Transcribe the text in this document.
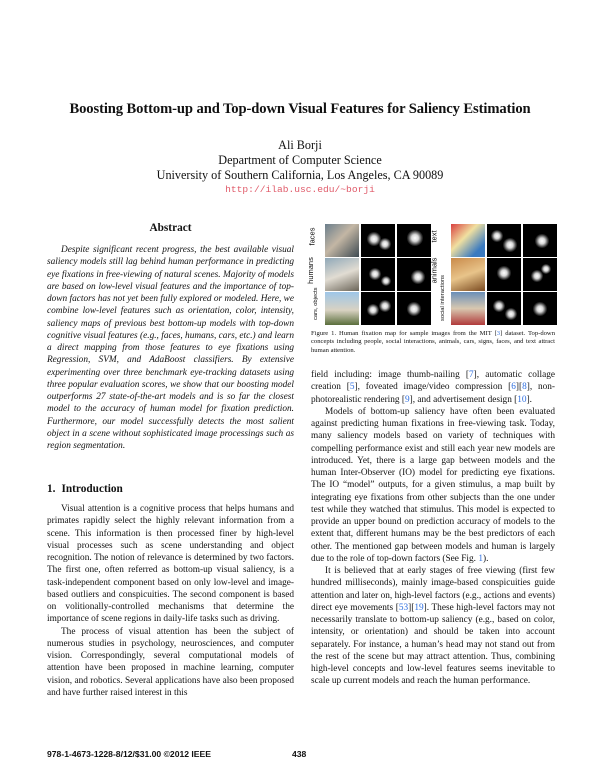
Boosting Bottom-up and Top-down Visual Features for Saliency Estimation
Ali Borji
Department of Computer Science
University of Southern California, Los Angeles, CA 90089
http://ilab.usc.edu/~borji
Abstract
Despite significant recent progress, the best available visual saliency models still lag behind human performance in predicting eye fixations in free-viewing of natural scenes. Majority of models are based on low-level visual features and the importance of top-down factors has not yet been fully explored or modeled. Here, we combine low-level features such as orientation, color, intensity, saliency maps of previous best bottom-up models with top-down cognitive visual features (e.g., faces, humans, cars, etc.) and learn a direct mapping from those features to eye fixations using Regression, SVM, and AdaBoost classifiers. By extensive experimenting over three benchmark eye-tracking datasets using three popular evaluation scores, we show that our boosting model outperforms 27 state-of-the-art models and is so far the closest model to the accuracy of human model for fixation prediction. Furthermore, our model successfully detects the most salient object in a scene without sophisticated image processings such as region segmentation.
1. Introduction

Visual attention is a cognitive process that helps humans and primates rapidly select the highly relevant information from a scene. This information is then processed finer by high-level visual processes such as scene understanding and object recognition. The notion of relevance is determined by two factors. The first one, often referred as bottom-up visual saliency, is a task-independent component based on only low-level and image-based outliers and conspicuities. The second component is based on volitionally-controlled mechanisms that determine the importance of scene regions in daily-life tasks such as driving.

The process of visual attention has been the subject of numerous studies in psychology, neurosciences, and computer vision. Correspondingly, several computational models of attention have been proposed in machine learning, computer vision, and robotics. Several applications have also been proposed and have further raised interest in this

faces
humans
cars, objects
text
animals
social interactions
Figure 1. Human fixation map for sample images from the MIT [3] dataset. Top-down concepts including people, social interactions, animals, cars, signs, faces, and text attract human attention.

field including: image thumb-nailing [7], automatic collage creation [5], foveated image/video compression [6][8], non-photorealistic rendering [9], and advertisement design [10].

Models of bottom-up saliency have often been evaluated against predicting human fixations in free-viewing task. Today, many saliency models based on variety of techniques with compelling performance exist and still each year new models are introduced. Yet, there is a large gap between models and the human Inter-Observer (IO) model for predicting eye fixations. The IO “model” outputs, for a given stimulus, a map built by integrating eye fixations from other subjects than the one under test while they watched that stimulus. This model is expected to provide an upper bound on prediction accuracy of models to the extent that, different humans may be the best predictors of each other. The mentioned gap between models and human is largely due to the role of top-down factors (See Fig. 1).

It is believed that at early stages of free viewing (first few hundred milliseconds), mainly image-based conspicuities guide attention and later on, high-level factors (e.g., actions and events) direct eye movements [53][19]. These high-level factors may not necessarily translate to bottom-up saliency (e.g., based on color, intensity, or orientation) and should be taken into account separately. For instance, a human’s head may not stand out from the rest of the scene but may attract attention. Thus, combining high-level concepts and low-level features seems inevitable to scale up current models and reach the human performance.

978-1-4673-1228-8/12/$31.00 ©2012 IEEE	438
